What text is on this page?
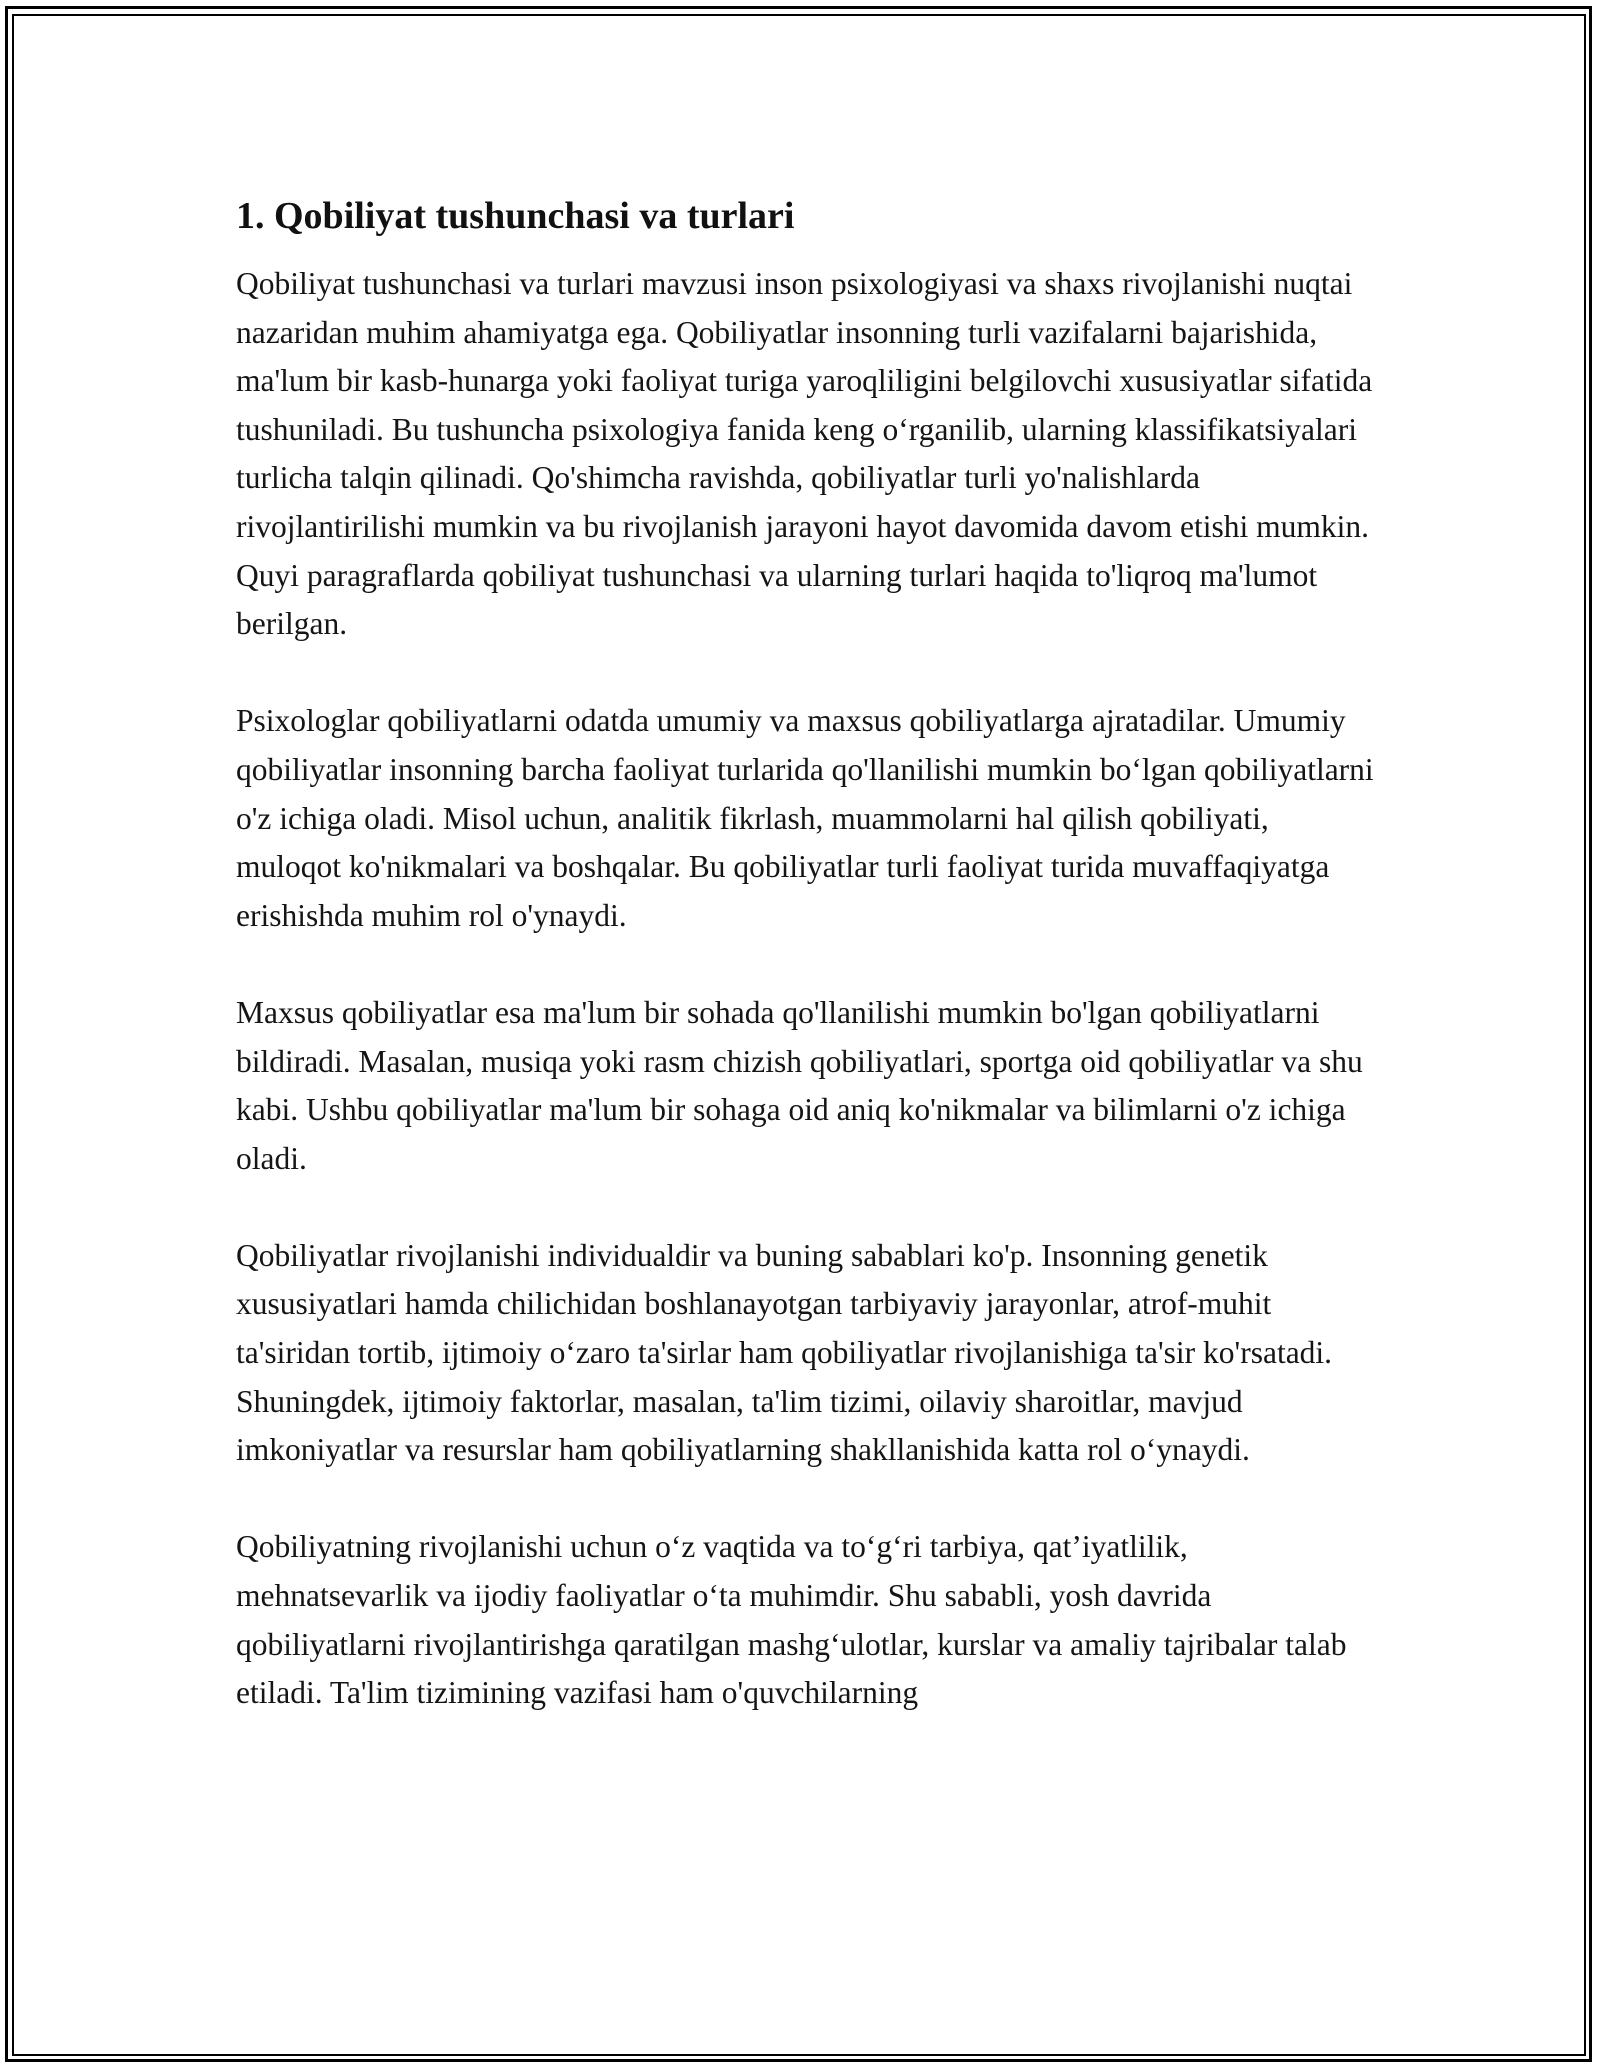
1. Qobiliyat tushunchasi va turlari

Qobiliyat tushunchasi va turlari mavzusi inson psixologiyasi va shaxs rivojlanishi nuqtai nazaridan muhim ahamiyatga ega. Qobiliyatlar insonning turli vazifalarni bajarishida, ma'lum bir kasb-hunarga yoki faoliyat turiga yaroqliligini belgilovchi xususiyatlar sifatida tushuniladi. Bu tushuncha psixologiya fanida keng o‘rganilib, ularning klassifikatsiyalari turlicha talqin qilinadi. Qo'shimcha ravishda, qobiliyatlar turli yo'nalishlarda rivojlantirilishi mumkin va bu rivojlanish jarayoni hayot davomida davom etishi mumkin. Quyi paragraflarda qobiliyat tushunchasi va ularning turlari haqida to'liqroq ma'lumot berilgan.

Psixologlar qobiliyatlarni odatda umumiy va maxsus qobiliyatlarga ajratadilar. Umumiy qobiliyatlar insonning barcha faoliyat turlarida qo'llanilishi mumkin bo‘lgan qobiliyatlarni o'z ichiga oladi. Misol uchun, analitik fikrlash, muammolarni hal qilish qobiliyati, muloqot ko'nikmalari va boshqalar. Bu qobiliyatlar turli faoliyat turida muvaffaqiyatga erishishda muhim rol o'ynaydi.

Maxsus qobiliyatlar esa ma'lum bir sohada qo'llanilishi mumkin bo'lgan qobiliyatlarni bildiradi. Masalan, musiqa yoki rasm chizish qobiliyatlari, sportga oid qobiliyatlar va shu kabi. Ushbu qobiliyatlar ma'lum bir sohaga oid aniq ko'nikmalar va bilimlarni o'z ichiga oladi.

Qobiliyatlar rivojlanishi individualdir va buning sabablari ko'p. Insonning genetik xususiyatlari hamda chilichidan boshlanayotgan tarbiyaviy jarayonlar, atrof-muhit ta'siridan tortib, ijtimoiy o‘zaro ta'sirlar ham qobiliyatlar rivojlanishiga ta'sir ko'rsatadi. Shuningdek, ijtimoiy faktorlar, masalan, ta'lim tizimi, oilaviy sharoitlar, mavjud imkoniyatlar va resurslar ham qobiliyatlarning shakllanishida katta rol o‘ynaydi.

Qobiliyatning rivojlanishi uchun o‘z vaqtida va to‘g‘ri tarbiya, qat’iyatlilik, mehnatsevarlik va ijodiy faoliyatlar o‘ta muhimdir. Shu sababli, yosh davrida qobiliyatlarni rivojlantirishga qaratilgan mashg‘ulotlar, kurslar va amaliy tajribalar talab etiladi. Ta'lim tizimining vazifasi ham o'quvchilarning
